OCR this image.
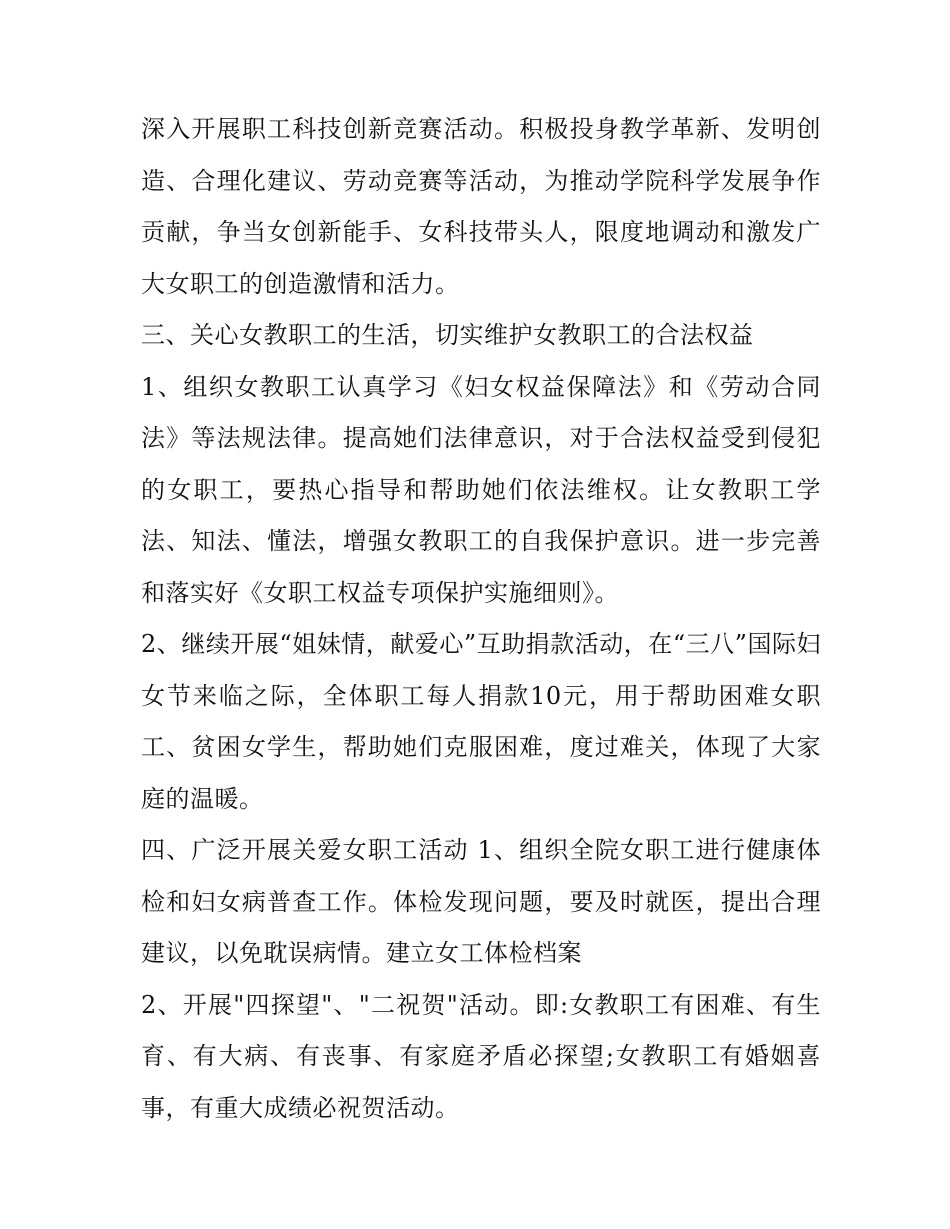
深入开展职工科技创新竞赛活动。积极投身教学革新、发明创造、合理化建议、劳动竞赛等活动，为推动学院科学发展争作贡献，争当女创新能手、女科技带头人，限度地调动和激发广大女职工的创造激情和活力。

三、关心女教职工的生活，切实维护女教职工的合法权益

1、组织女教职工认真学习《妇女权益保障法》和《劳动合同法》等法规法律。提高她们法律意识，对于合法权益受到侵犯的女职工，要热心指导和帮助她们依法维权。让女教职工学法、知法、懂法，增强女教职工的自我保护意识。进一步完善和落实好《女职工权益专项保护实施细则》。

2、继续开展“姐妹情，献爱心”互助捐款活动，在“三八”国际妇女节来临之际，全体职工每人捐款10元，用于帮助困难女职工、贫困女学生，帮助她们克服困难，度过难关，体现了大家庭的温暖。

四、广泛开展关爱女职工活动 1、组织全院女职工进行健康体检和妇女病普查工作。体检发现问题，要及时就医，提出合理建议，以免耽误病情。建立女工体检档案

2、开展"四探望"、"二祝贺"活动。即:女教职工有困难、有生育、有大病、有丧事、有家庭矛盾必探望;女教职工有婚姻喜事，有重大成绩必祝贺活动。
